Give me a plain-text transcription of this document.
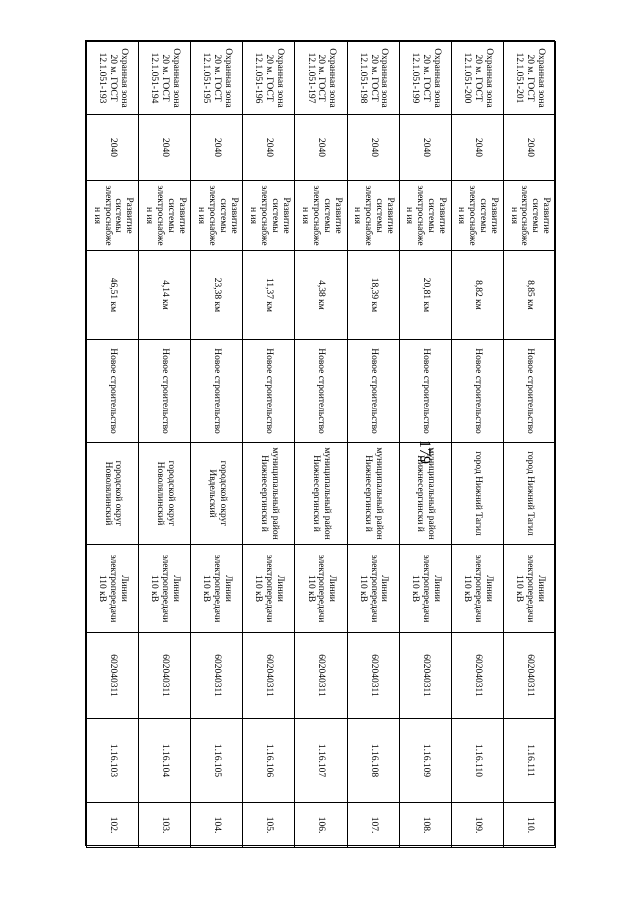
179
Охранная зона 20 м. ГОСТ 12.1.051-201	2040	Развитие системы электроснабжен ия	8,85 км	Новое строительство	город Нижний Тагил	Линии электропередачи 110 кВ	602040311	1.16.111	110.
Охранная зона 20 м. ГОСТ 12.1.051-200	2040	Развитие системы электроснабжен ия	8,82 км	Новое строительство	город Нижний Тагил	Линии электропередачи 110 кВ	602040311	1.16.110	109.
Охранная зона 20 м. ГОСТ 12.1.051-199	2040	Развитие системы электроснабжен ия	20,81 км	Новое строительство	муниципальный район Нижнесергински й	Линии электропередачи 110 кВ	602040311	1.16.109	108.
Охранная зона 20 м. ГОСТ 12.1.051-198	2040	Развитие системы электроснабжен ия	18,39 км	Новое строительство	муниципальный район Нижнесергински й	Линии электропередачи 110 кВ	602040311	1.16.108	107.
Охранная зона 20 м. ГОСТ 12.1.051-197	2040	Развитие системы электроснабжен ия	4,38 км	Новое строительство	муниципальный район Нижнесергински й	Линии электропередачи 110 кВ	602040311	1.16.107	106.
Охранная зона 20 м. ГОСТ 12.1.051-196	2040	Развитие системы электроснабжен ия	11,37 км	Новое строительство	муниципальный район Нижнесергински й	Линии электропередачи 110 кВ	602040311	1.16.106	105.
Охранная зона 20 м. ГОСТ 12.1.051-195	2040	Развитие системы электроснабжен ия	23,38 км	Новое строительство	городской округ Ивдельский	Линии электропередачи 110 кВ	602040311	1.16.105	104.
Охранная зона 20 м. ГОСТ 12.1.051-194	2040	Развитие системы электроснабжен ия	4,14 км	Новое строительство	городской округ Новолялинский	Линии электропередачи 110 кВ	602040311	1.16.104	103.
Охранная зона 20 м. ГОСТ 12.1.051-193	2040	Развитие системы электроснабжен ия	46,51 км	Новое строительство	городской округ Новолялинский	Линии электропередачи 110 кВ	602040311	1.16.103	102.
